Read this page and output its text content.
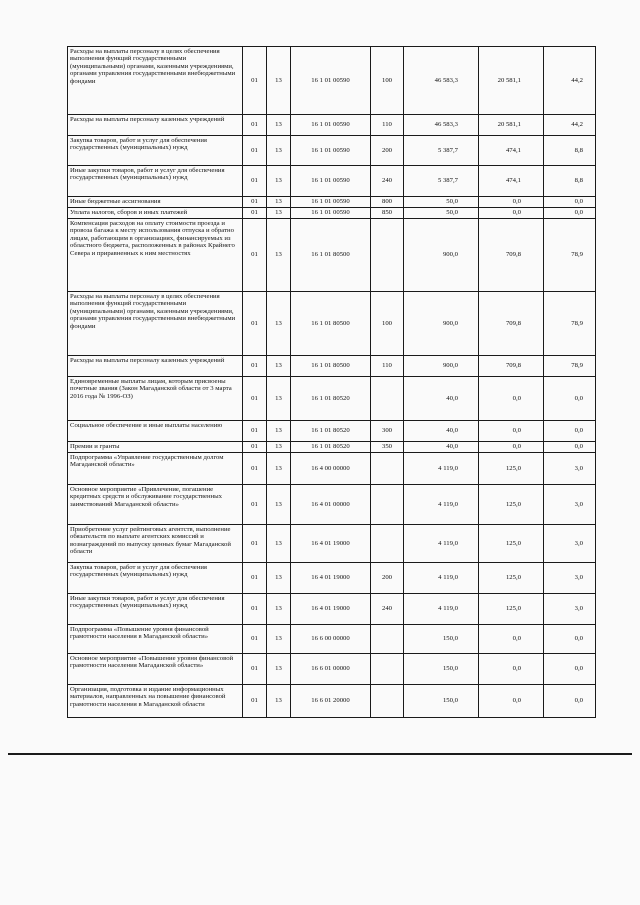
Расходы на выплаты персоналу в целях обеспечения выполнения функций государственными (муниципальными) органами, казенными учреждениями, органами управления государственными внебюджетными фондами	01	13	16 1 01 00590	100	46 583,3	20 581,1	44,2
Расходы на выплаты персоналу казенных учреждений	01	13	16 1 01 00590	110	46 583,3	20 581,1	44,2
Закупка товаров, работ и услуг для обеспечения государственных (муниципальных) нужд	01	13	16 1 01 00590	200	5 387,7	474,1	8,8
Иные закупки товаров, работ и услуг для обеспечения государственных (муниципальных) нужд	01	13	16 1 01 00590	240	5 387,7	474,1	8,8
Иные бюджетные ассигнования	01	13	16 1 01 00590	800	50,0	0,0	0,0
Уплата налогов, сборов и иных платежей	01	13	16 1 01 00590	850	50,0	0,0	0,0
Компенсация расходов на оплату стоимости проезда и провоза багажа к месту использования отпуска и обратно лицам, работающим в организациях, финансируемых из областного бюджета, расположенных в районах Крайнего Севера и приравненных к ним местностях	01	13	16 1 01 80500		900,0	709,8	78,9
Расходы на выплаты персоналу в целях обеспечения выполнения функций государственными (муниципальными) органами, казенными учреждениями, органами управления государственными внебюджетными фондами	01	13	16 1 01 80500	100	900,0	709,8	78,9
Расходы на выплаты персоналу казенных учреждений	01	13	16 1 01 80500	110	900,0	709,8	78,9
Единовременные выплаты лицам, которым присвоены почетные звания (Закон Магаданской области от 3 марта 2016 года № 1996-ОЗ)	01	13	16 1 01 80520		40,0	0,0	0,0
Социальное обеспечение и иные выплаты населению	01	13	16 1 01 80520	300	40,0	0,0	0,0
Премии и гранты	01	13	16 1 01 80520	350	40,0	0,0	0,0
Подпрограмма «Управление государственным долгом Магаданской области»	01	13	16 4 00 00000		4 119,0	125,0	3,0
Основное мероприятие «Привлечение, погашение кредитных средств и обслуживание государственных заимствований Магаданской области»	01	13	16 4 01 00000		4 119,0	125,0	3,0
Приобретение услуг рейтинговых агентств, выполнение обязательств по выплате агентских комиссий и вознаграждений по выпуску ценных бумаг Магаданской области	01	13	16 4 01 19000		4 119,0	125,0	3,0
Закупка товаров, работ и услуг для обеспечения государственных (муниципальных) нужд	01	13	16 4 01 19000	200	4 119,0	125,0	3,0
Иные закупки товаров, работ и услуг для обеспечения государственных (муниципальных) нужд	01	13	16 4 01 19000	240	4 119,0	125,0	3,0
Подпрограмма «Повышение уровня финансовой грамотности населения в Магаданской области»	01	13	16 6 00 00000		150,0	0,0	0,0
Основное мероприятие «Повышение уровня финансовой грамотности населения Магаданской области»	01	13	16 6 01 00000		150,0	0,0	0,0
Организация, подготовка и издание информационных материалов, направленных на повышение финансовой грамотности населения в Магаданской области	01	13	16 6 01 20000		150,0	0,0	0,0
